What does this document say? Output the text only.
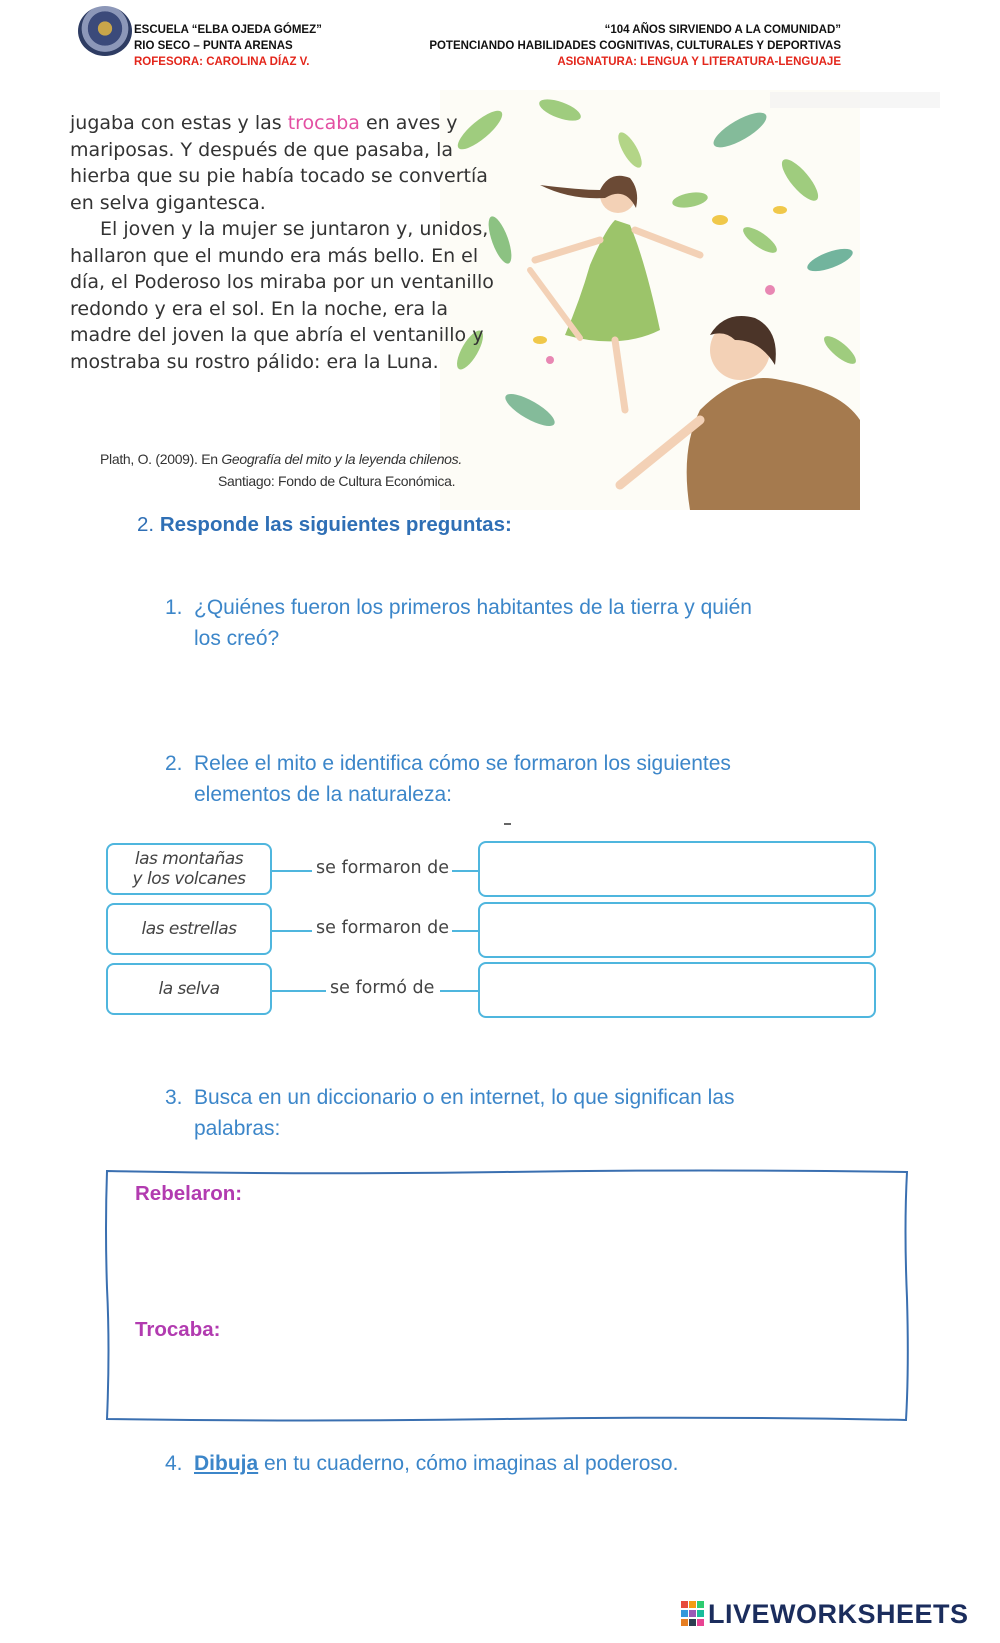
ESCUELA “ELBA OJEDA GÓMEZ”
RIO SECO – PUNTA ARENAS
ROFESORA: CAROLINA DÍAZ V.
“104 AÑOS SIRVIENDO A LA COMUNIDAD”
POTENCIANDO HABILIDADES COGNITIVAS, CULTURALES Y DEPORTIVAS
ASIGNATURA: LENGUA Y LITERATURA-LENGUAJE

jugaba con estas y las trocaba en aves y mariposas. Y después de que pasaba, la hierba que su pie había tocado se convertía en selva gigantesca.

El joven y la mujer se juntaron y, unidos, hallaron que el mundo era más bello. En el día, el Poderoso los miraba por un ventanillo redondo y era el sol. En la noche, era la madre del joven la que abría el ventanillo y mostraba su rostro pálido: era la Luna.

Plath, O. (2009). En Geografía del mito y la leyenda chilenos.
Santiago: Fondo de Cultura Económica.
2. Responde las siguientes preguntas:
1. ¿Quiénes fueron los primeros habitantes de la tierra y quién
los creó?
2. Relee el mito e identifica cómo se formaron los siguientes
elementos de la naturaleza:
las montañas
y los volcanes
se formaron de
las estrellas	se formaron de
la selva	se formó de
3. Busca en un diccionario o en internet, lo que significan las
palabras:
Rebelaron:
Trocaba:
4. Dibuja en tu cuaderno, cómo imaginas al poderoso.
LIVEWORKSHEETS
